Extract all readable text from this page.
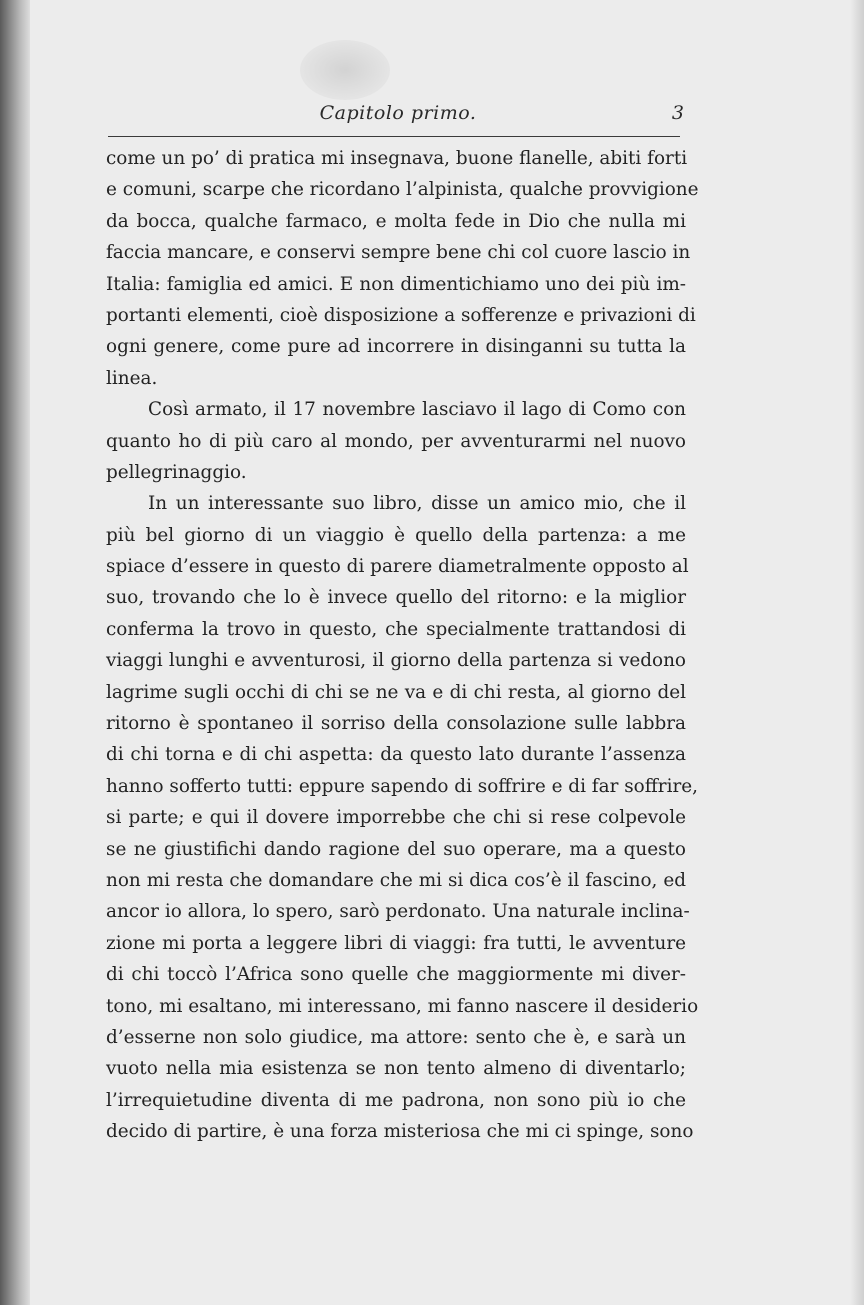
Capitolo primo.	3
come un po’ di pratica mi insegnava, buone flanelle, abiti forti
e comuni, scarpe che ricordano l’alpinista, qualche provvigione
da bocca, qualche farmaco, e molta fede in Dio che nulla mi
faccia mancare, e conservi sempre bene chi col cuore lascio in
Italia: famiglia ed amici. E non dimentichiamo uno dei più im-
portanti elementi, cioè disposizione a sofferenze e privazioni di
ogni genere, come pure ad incorrere in disinganni su tutta la
linea.
Così armato, il 17 novembre lasciavo il lago di Como con
quanto ho di più caro al mondo, per avventurarmi nel nuovo
pellegrinaggio.
In un interessante suo libro, disse un amico mio, che il
più bel giorno di un viaggio è quello della partenza: a me
spiace d’essere in questo di parere diametralmente opposto al
suo, trovando che lo è invece quello del ritorno: e la miglior
conferma la trovo in questo, che specialmente trattandosi di
viaggi lunghi e avventurosi, il giorno della partenza si vedono
lagrime sugli occhi di chi se ne va e di chi resta, al giorno del
ritorno è spontaneo il sorriso della consolazione sulle labbra
di chi torna e di chi aspetta: da questo lato durante l’assenza
hanno sofferto tutti: eppure sapendo di soffrire e di far soffrire,
si parte; e qui il dovere imporrebbe che chi si rese colpevole
se ne giustifichi dando ragione del suo operare, ma a questo
non mi resta che domandare che mi si dica cos’è il fascino, ed
ancor io allora, lo spero, sarò perdonato. Una naturale inclina-
zione mi porta a leggere libri di viaggi: fra tutti, le avventure
di chi toccò l’Africa sono quelle che maggiormente mi diver-
tono, mi esaltano, mi interessano, mi fanno nascere il desiderio
d’esserne non solo giudice, ma attore: sento che è, e sarà un
vuoto nella mia esistenza se non tento almeno di diventarlo;
l’irrequietudine diventa di me padrona, non sono più io che
decido di partire, è una forza misteriosa che mi ci spinge, sono
